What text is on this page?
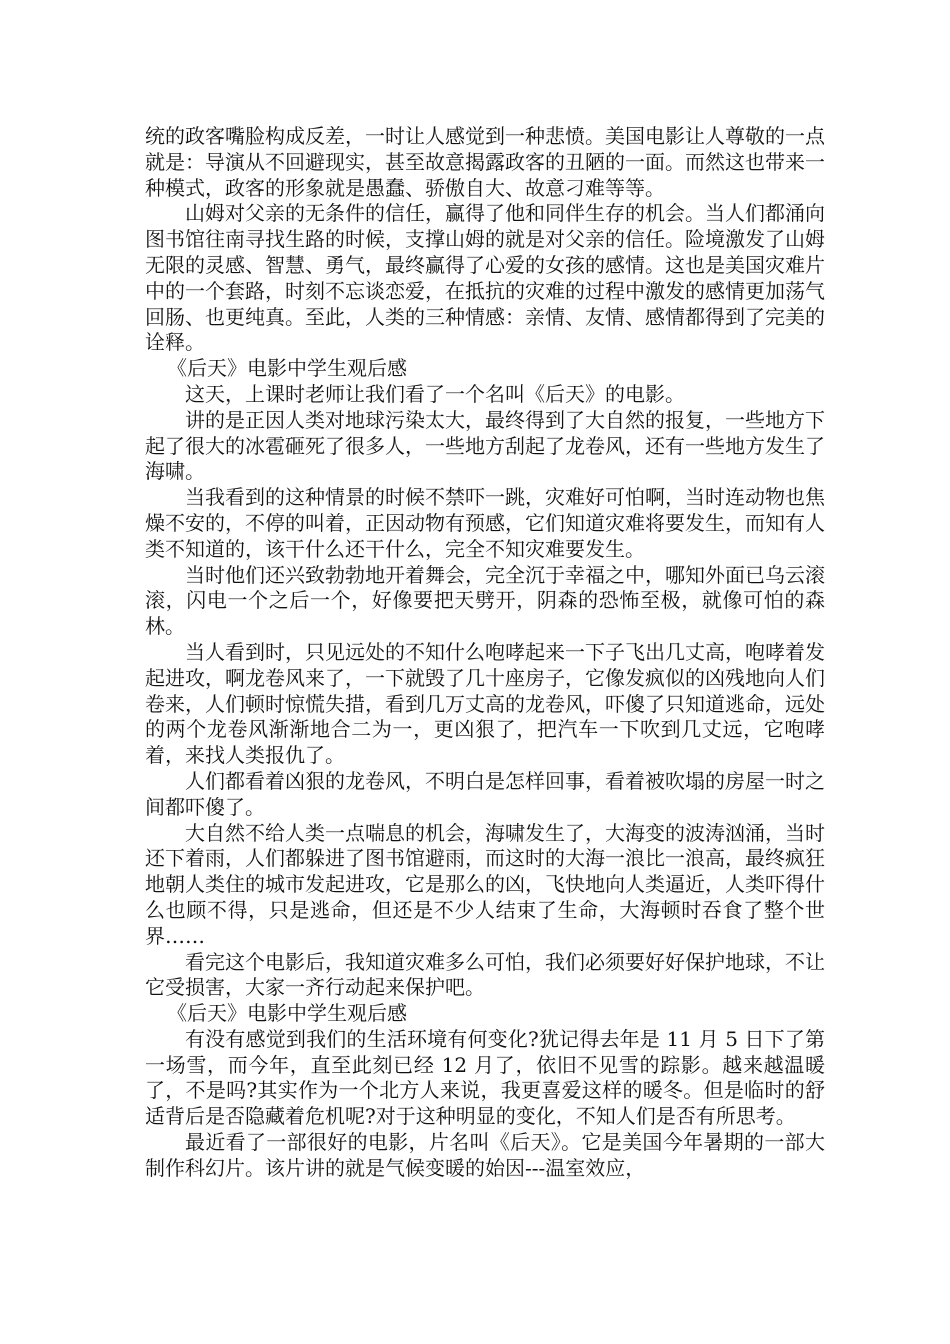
统的政客嘴脸构成反差，一时让人感觉到一种悲愤。美国电影让人尊敬的一点就是：导演从不回避现实，甚至故意揭露政客的丑陋的一面。而然这也带来一种模式，政客的形象就是愚蠢、骄傲自大、故意刁难等等。

山姆对父亲的无条件的信任，赢得了他和同伴生存的机会。当人们都涌向图书馆往南寻找生路的时候，支撑山姆的就是对父亲的信任。险境激发了山姆无限的灵感、智慧、勇气，最终赢得了心爱的女孩的感情。这也是美国灾难片中的一个套路，时刻不忘谈恋爱，在抵抗的灾难的过程中激发的感情更加荡气回肠、也更纯真。至此，人类的三种情感：亲情、友情、感情都得到了完美的诠释。

《后天》电影中学生观后感

这天，上课时老师让我们看了一个名叫《后天》的电影。

讲的是正因人类对地球污染太大，最终得到了大自然的报复，一些地方下起了很大的冰雹砸死了很多人，一些地方刮起了龙卷风，还有一些地方发生了海啸。

当我看到的这种情景的时候不禁吓一跳，灾难好可怕啊，当时连动物也焦燥不安的，不停的叫着，正因动物有预感，它们知道灾难将要发生，而知有人类不知道的，该干什么还干什么，完全不知灾难要发生。

当时他们还兴致勃勃地开着舞会，完全沉于幸福之中，哪知外面已乌云滚滚，闪电一个之后一个，好像要把天劈开，阴森的恐怖至极，就像可怕的森林。

当人看到时，只见远处的不知什么咆哮起来一下子飞出几丈高，咆哮着发起进攻，啊龙卷风来了，一下就毁了几十座房子，它像发疯似的凶残地向人们卷来，人们顿时惊慌失措，看到几万丈高的龙卷风，吓傻了只知道逃命，远处的两个龙卷风渐渐地合二为一，更凶狠了，把汽车一下吹到几丈远，它咆哮着，来找人类报仇了。

人们都看着凶狠的龙卷风，不明白是怎样回事，看着被吹塌的房屋一时之间都吓傻了。

大自然不给人类一点喘息的机会，海啸发生了，大海变的波涛汹涌，当时还下着雨，人们都躲进了图书馆避雨，而这时的大海一浪比一浪高，最终疯狂地朝人类住的城市发起进攻，它是那么的凶，飞快地向人类逼近，人类吓得什么也顾不得，只是逃命，但还是不少人结束了生命，大海顿时吞食了整个世界……

看完这个电影后，我知道灾难多么可怕，我们必须要好好保护地球，不让它受损害，大家一齐行动起来保护吧。

《后天》电影中学生观后感

有没有感觉到我们的生活环境有何变化?犹记得去年是 11 月 5 日下了第一场雪，而今年，直至此刻已经 12 月了，依旧不见雪的踪影。越来越温暖了，不是吗?其实作为一个北方人来说，我更喜爱这样的暖冬。但是临时的舒适背后是否隐藏着危机呢?对于这种明显的变化，不知人们是否有所思考。

最近看了一部很好的电影，片名叫《后天》。它是美国今年暑期的一部大制作科幻片。该片讲的就是气候变暖的始因---温室效应，
